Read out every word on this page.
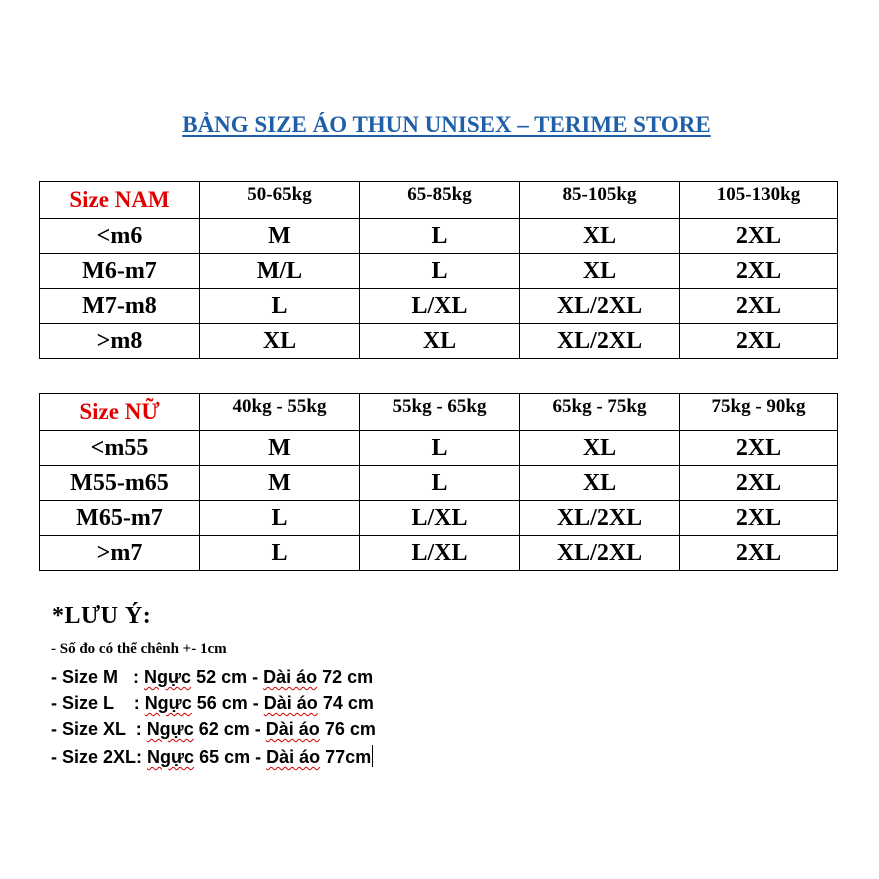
BẢNG SIZE ÁO THUN UNISEX – TERIME STORE
Size NAM	50-65kg	65-85kg	85-105kg	105-130kg
<m6	M	L	XL	2XL
M6-m7	M/L	L	XL	2XL
M7-m8	L	L/XL	XL/2XL	2XL
>m8	XL	XL	XL/2XL	2XL
Size NỮ	40kg - 55kg	55kg - 65kg	65kg - 75kg	75kg - 90kg
<m55	M	L	XL	2XL
M55-m65	M	L	XL	2XL
M65-m7	L	L/XL	XL/2XL	2XL
>m7	L	L/XL	XL/2XL	2XL
*LƯU Ý:
- Số đo có thể chênh +- 1cm
- Size M   : Ngực 52 cm - Dài áo 72 cm
- Size L    : Ngực 56 cm - Dài áo 74 cm
- Size XL  : Ngực 62 cm - Dài áo 76 cm
- Size 2XL: Ngực 65 cm - Dài áo 77cm
